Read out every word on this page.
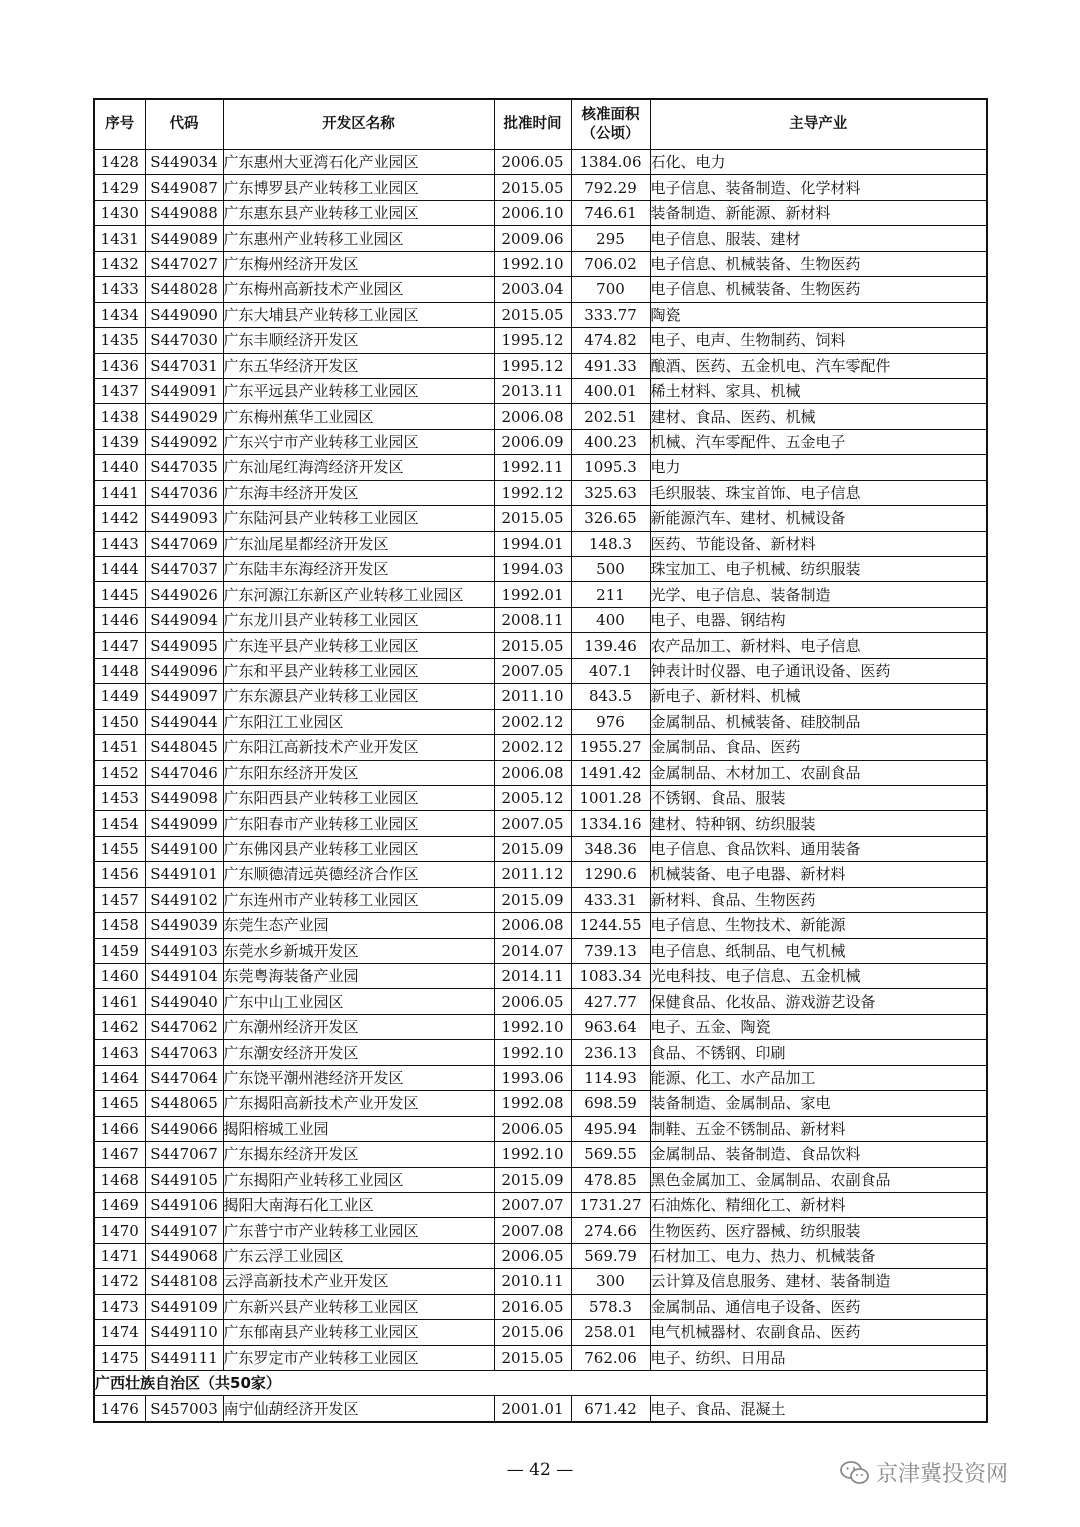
序号	代码	开发区名称	批准时间	核准面积
（公顷）	主导产业
1428	S449034	广东惠州大亚湾石化产业园区	2006.05	1384.06	石化、电力
1429	S449087	广东博罗县产业转移工业园区	2015.05	792.29	电子信息、装备制造、化学材料
1430	S449088	广东惠东县产业转移工业园区	2006.10	746.61	装备制造、新能源、新材料
1431	S449089	广东惠州产业转移工业园区	2009.06	295	电子信息、服装、建材
1432	S447027	广东梅州经济开发区	1992.10	706.02	电子信息、机械装备、生物医药
1433	S448028	广东梅州高新技术产业园区	2003.04	700	电子信息、机械装备、生物医药
1434	S449090	广东大埔县产业转移工业园区	2015.05	333.77	陶瓷
1435	S447030	广东丰顺经济开发区	1995.12	474.82	电子、电声、生物制药、饲料
1436	S447031	广东五华经济开发区	1995.12	491.33	酿酒、医药、五金机电、汽车零配件
1437	S449091	广东平远县产业转移工业园区	2013.11	400.01	稀土材料、家具、机械
1438	S449029	广东梅州蕉华工业园区	2006.08	202.51	建材、食品、医药、机械
1439	S449092	广东兴宁市产业转移工业园区	2006.09	400.23	机械、汽车零配件、五金电子
1440	S447035	广东汕尾红海湾经济开发区	1992.11	1095.3	电力
1441	S447036	广东海丰经济开发区	1992.12	325.63	毛织服装、珠宝首饰、电子信息
1442	S449093	广东陆河县产业转移工业园区	2015.05	326.65	新能源汽车、建材、机械设备
1443	S447069	广东汕尾星都经济开发区	1994.01	148.3	医药、节能设备、新材料
1444	S447037	广东陆丰东海经济开发区	1994.03	500	珠宝加工、电子机械、纺织服装
1445	S449026	广东河源江东新区产业转移工业园区	1992.01	211	光学、电子信息、装备制造
1446	S449094	广东龙川县产业转移工业园区	2008.11	400	电子、电器、钢结构
1447	S449095	广东连平县产业转移工业园区	2015.05	139.46	农产品加工、新材料、电子信息
1448	S449096	广东和平县产业转移工业园区	2007.05	407.1	钟表计时仪器、电子通讯设备、医药
1449	S449097	广东东源县产业转移工业园区	2011.10	843.5	新电子、新材料、机械
1450	S449044	广东阳江工业园区	2002.12	976	金属制品、机械装备、硅胶制品
1451	S448045	广东阳江高新技术产业开发区	2002.12	1955.27	金属制品、食品、医药
1452	S447046	广东阳东经济开发区	2006.08	1491.42	金属制品、木材加工、农副食品
1453	S449098	广东阳西县产业转移工业园区	2005.12	1001.28	不锈钢、食品、服装
1454	S449099	广东阳春市产业转移工业园区	2007.05	1334.16	建材、特种钢、纺织服装
1455	S449100	广东佛冈县产业转移工业园区	2015.09	348.36	电子信息、食品饮料、通用装备
1456	S449101	广东顺德清远英德经济合作区	2011.12	1290.6	机械装备、电子电器、新材料
1457	S449102	广东连州市产业转移工业园区	2015.09	433.31	新材料、食品、生物医药
1458	S449039	东莞生态产业园	2006.08	1244.55	电子信息、生物技术、新能源
1459	S449103	东莞水乡新城开发区	2014.07	739.13	电子信息、纸制品、电气机械
1460	S449104	东莞粤海装备产业园	2014.11	1083.34	光电科技、电子信息、五金机械
1461	S449040	广东中山工业园区	2006.05	427.77	保健食品、化妆品、游戏游艺设备
1462	S447062	广东潮州经济开发区	1992.10	963.64	电子、五金、陶瓷
1463	S447063	广东潮安经济开发区	1992.10	236.13	食品、不锈钢、印刷
1464	S447064	广东饶平潮州港经济开发区	1993.06	114.93	能源、化工、水产品加工
1465	S448065	广东揭阳高新技术产业开发区	1992.08	698.59	装备制造、金属制品、家电
1466	S449066	揭阳榕城工业园	2006.05	495.94	制鞋、五金不锈制品、新材料
1467	S447067	广东揭东经济开发区	1992.10	569.55	金属制品、装备制造、食品饮料
1468	S449105	广东揭阳产业转移工业园区	2015.09	478.85	黑色金属加工、金属制品、农副食品
1469	S449106	揭阳大南海石化工业区	2007.07	1731.27	石油炼化、精细化工、新材料
1470	S449107	广东普宁市产业转移工业园区	2007.08	274.66	生物医药、医疗器械、纺织服装
1471	S449068	广东云浮工业园区	2006.05	569.79	石材加工、电力、热力、机械装备
1472	S448108	云浮高新技术产业开发区	2010.11	300	云计算及信息服务、建材、装备制造
1473	S449109	广东新兴县产业转移工业园区	2016.05	578.3	金属制品、通信电子设备、医药
1474	S449110	广东郁南县产业转移工业园区	2015.06	258.01	电气机械器材、农副食品、医药
1475	S449111	广东罗定市产业转移工业园区	2015.05	762.06	电子、纺织、日用品
广西壮族自治区（共50家）					
1476	S457003	南宁仙葫经济开发区	2001.01	671.42	电子、食品、混凝土
— 42 —	京津冀投资网
